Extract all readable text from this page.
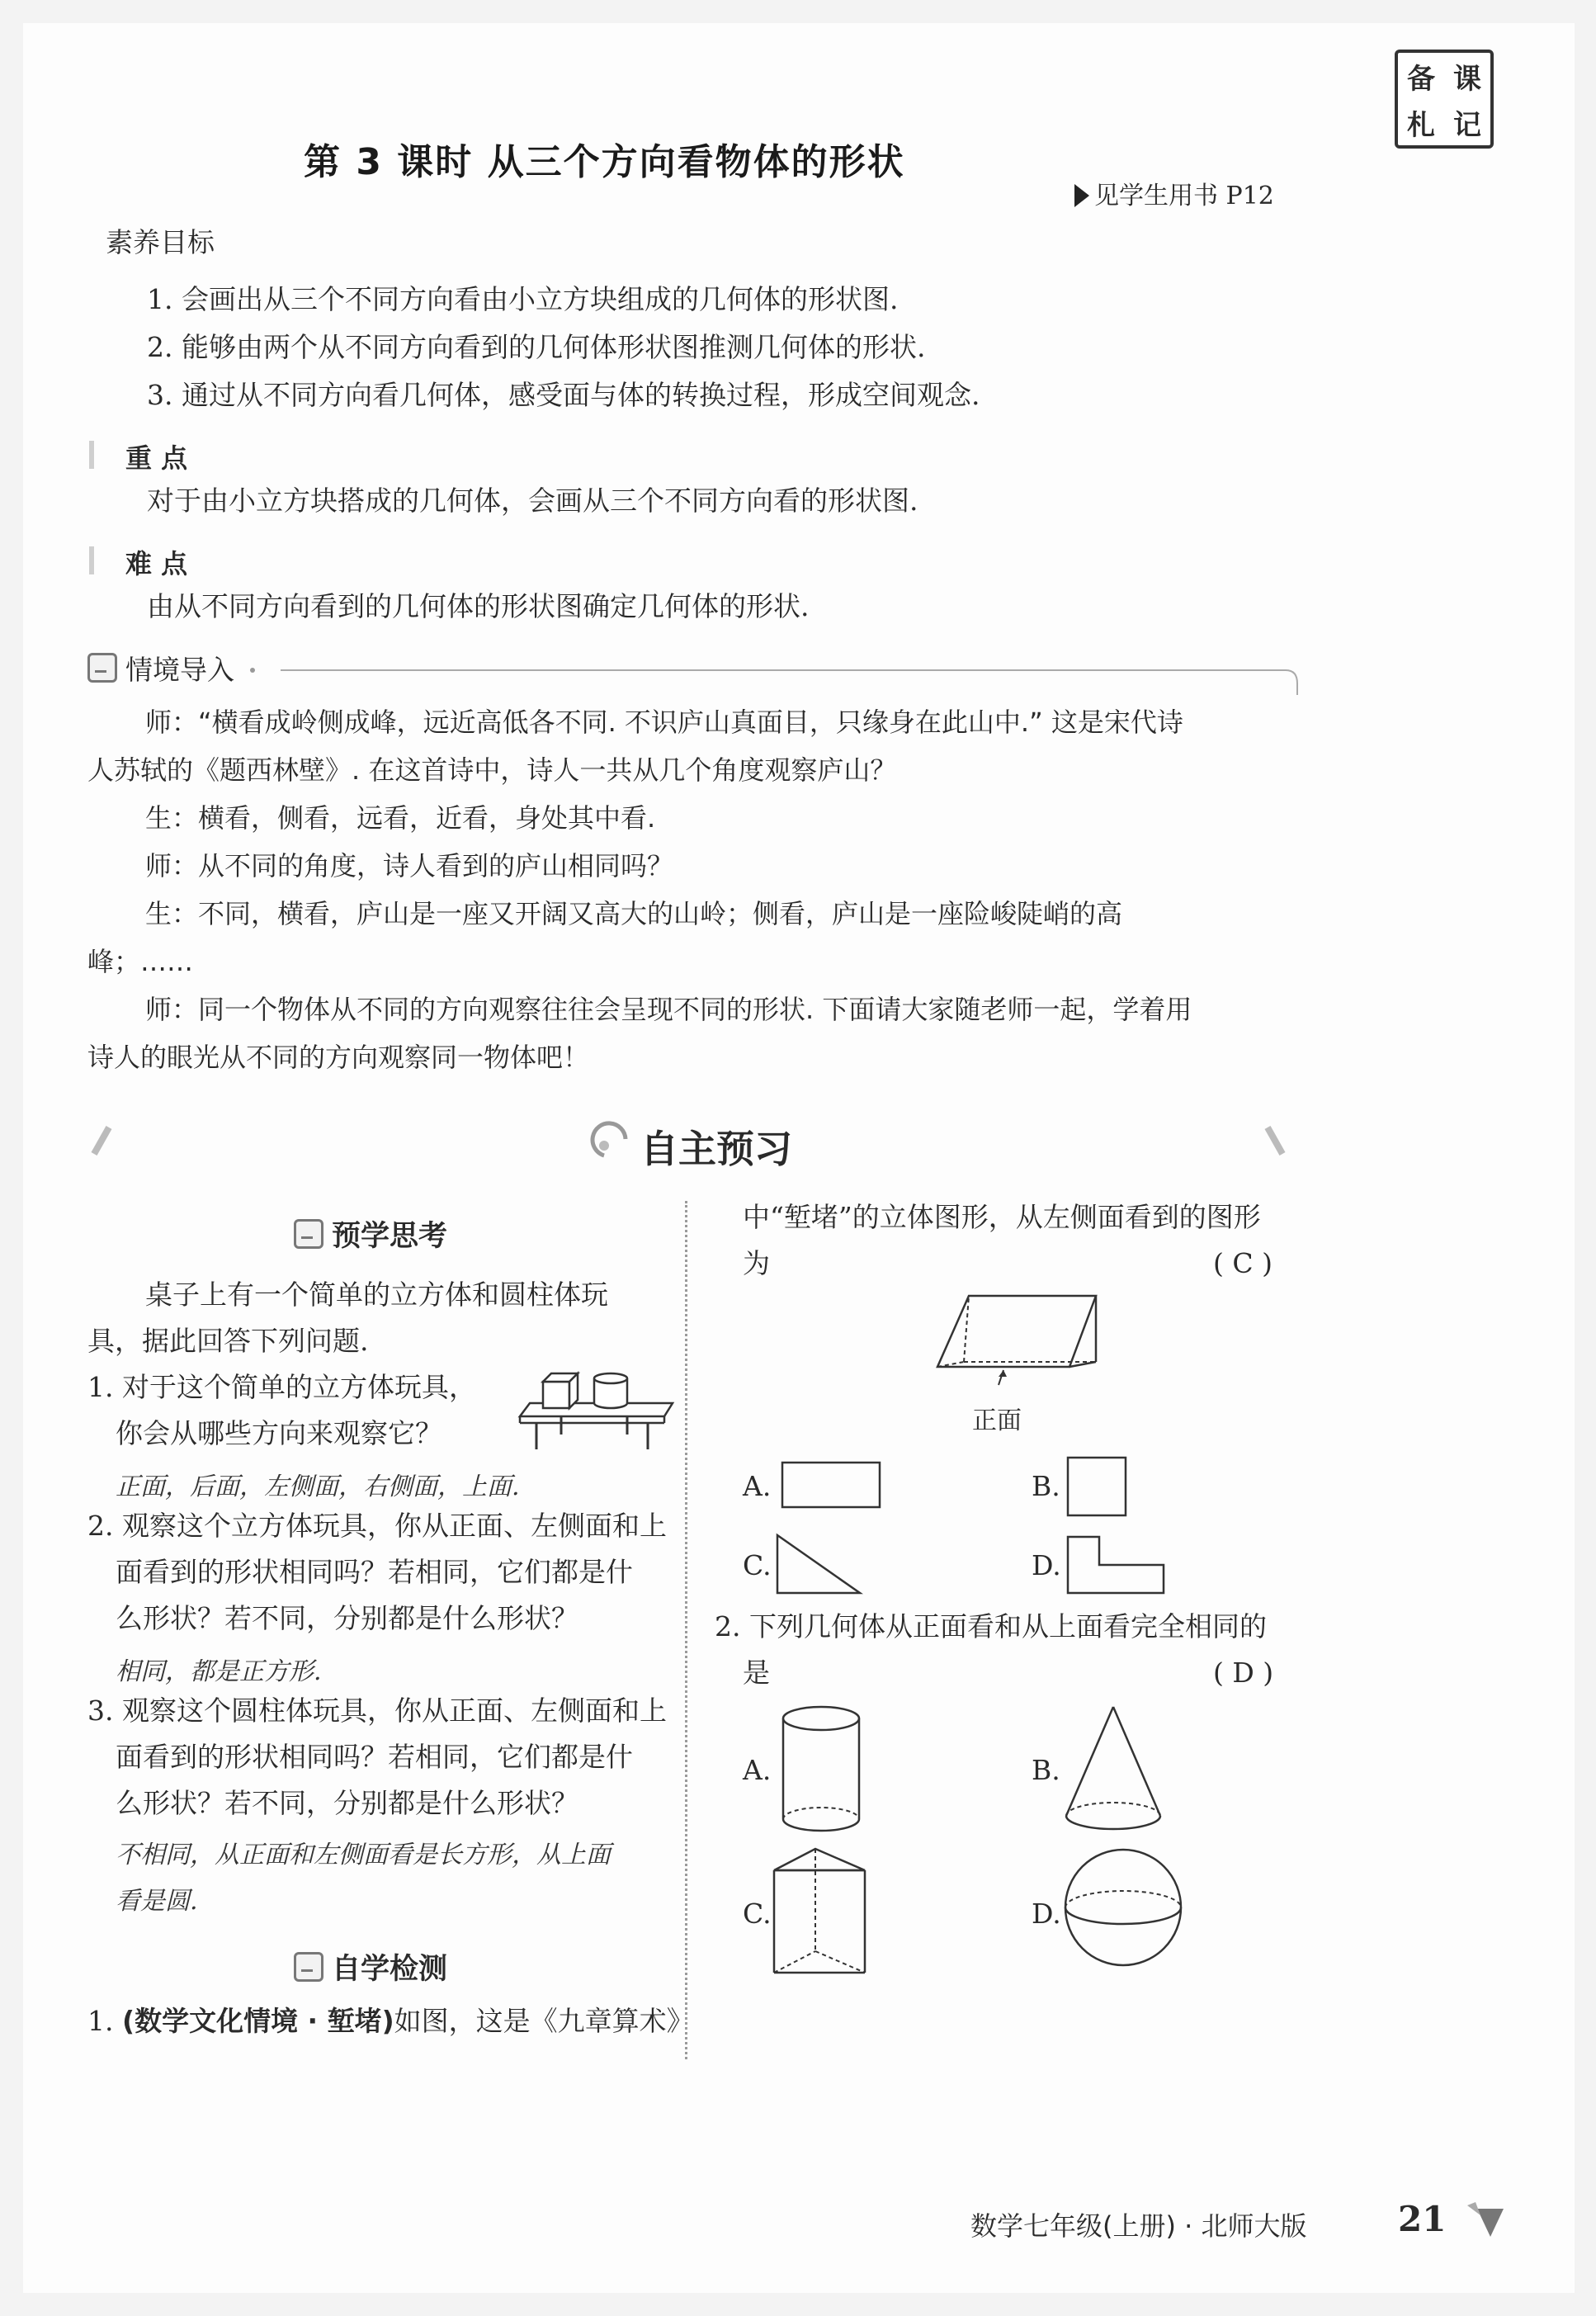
第 3 课时 从三个方向看物体的形状
见学生用书 P12
备 课
札 记
素养目标
1. 会画出从三个不同方向看由小立方块组成的几何体的形状图.
2. 能够由两个从不同方向看到的几何体形状图推测几何体的形状.
3. 通过从不同方向看几何体，感受面与体的转换过程，形成空间观念.
重 点
对于由小立方块搭成的几何体，会画从三个不同方向看的形状图.
难 点
由从不同方向看到的几何体的形状图确定几何体的形状.
情境导入
师：“横看成岭侧成峰，远近高低各不同. 不识庐山真面目，只缘身在此山中.” 这是宋代诗
人苏轼的《题西林壁》. 在这首诗中，诗人一共从几个角度观察庐山？
生：横看，侧看，远看，近看，身处其中看.
师：从不同的角度，诗人看到的庐山相同吗？
生：不同，横看，庐山是一座又开阔又高大的山岭；侧看，庐山是一座险峻陡峭的高
峰；……
师：同一个物体从不同的方向观察往往会呈现不同的形状. 下面请大家随老师一起，学着用
诗人的眼光从不同的方向观察同一物体吧！
自主预习
预学思考
桌子上有一个简单的立方体和圆柱体玩
具，据此回答下列问题.
1. 对于这个简单的立方体玩具，
你会从哪些方向来观察它？
正面，后面，左侧面，右侧面，上面.
2. 观察这个立方体玩具，你从正面、左侧面和上
面看到的形状相同吗？若相同，它们都是什
么形状？若不同，分别都是什么形状？
相同，都是正方形.
3. 观察这个圆柱体玩具，你从正面、左侧面和上
面看到的形状相同吗？若相同，它们都是什
么形状？若不同，分别都是什么形状？
不相同，从正面和左侧面看是长方形，从上面
看是圆.
自学检测
1. (数学文化情境 · 堑堵)如图，这是《九章算术》
中“堑堵”的立体图形，从左侧面看到的图形
为	( C )
正面
A.	B.
C.	D.
2. 下列几何体从正面看和从上面看完全相同的
是	( D )
A.	B.
C.	D.
数学七年级(上册) · 北师大版	21
